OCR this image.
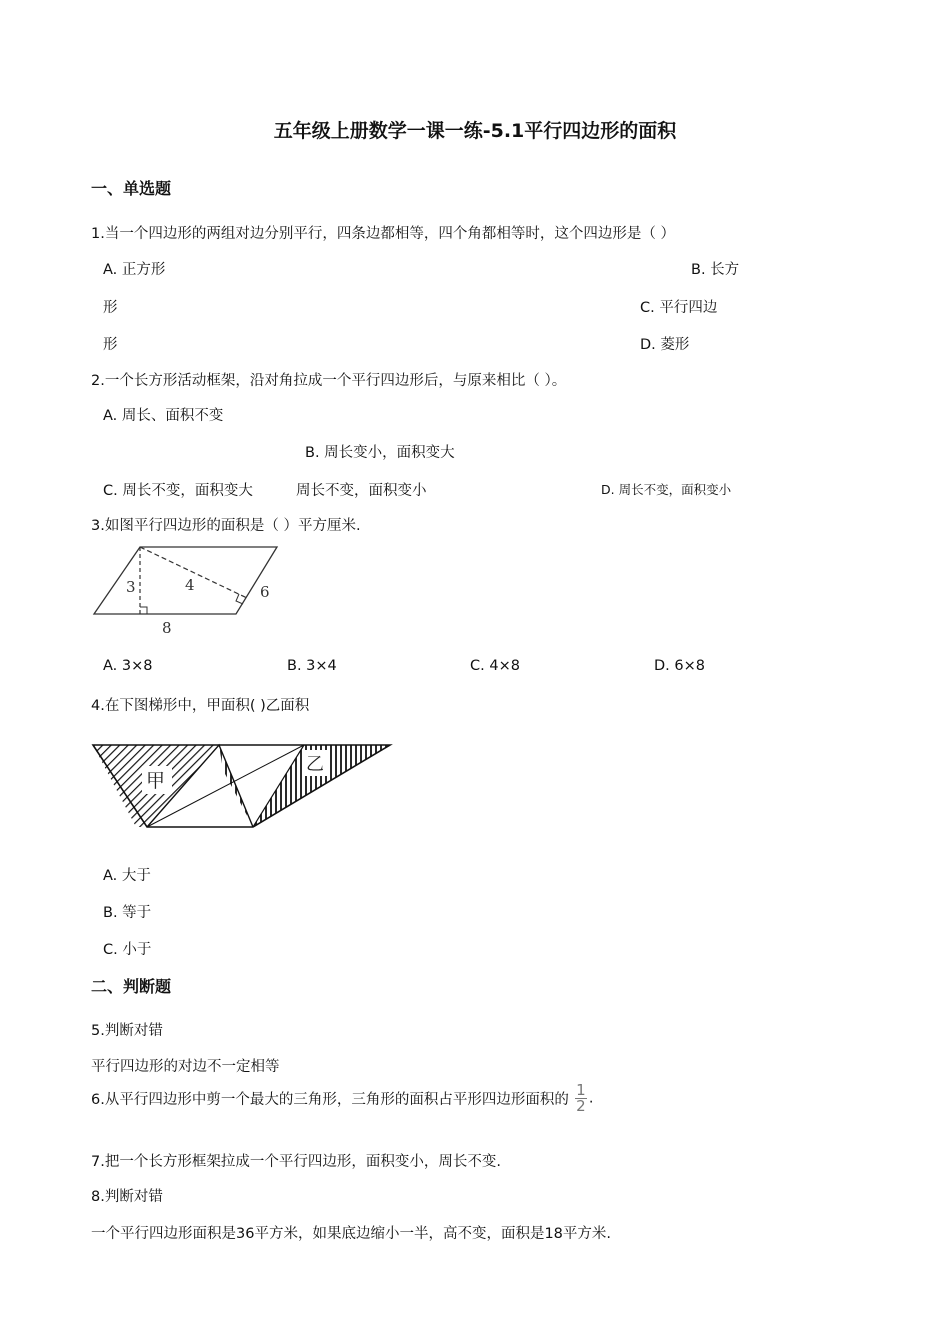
五年级上册数学一课一练-5.1平行四边形的面积
一、单选题
1.当一个四边形的两组对边分别平行，四条边都相等，四个角都相等时，这个四边形是（ ）
A. 正方形	B. 长方
形	C. 平行四边
形	D. 菱形
2.一个长方形活动框架，沿对角拉成一个平行四边形后，与原来相比（ ）。
A. 周长、面积不变
B. 周长变小，面积变大
C. 周长不变，面积变大	周长不变，面积变小	D. 周长不变，面积变小
3.如图平行四边形的面积是（ ）平方厘米.
3	4	6
8
A. 3×8	B. 3×4	C. 4×8	D. 6×8
4.在下图梯形中，甲面积( )乙面积
甲
乙
A. 大于
B. 等于
C. 小于
二、判断题
5.判断对错
平行四边形的对边不一定相等
6.从平行四边形中剪一个最大的三角形，三角形的面积占平形四边形面积的 $\frac{1}{2}$ .
7.把一个长方形框架拉成一个平行四边形，面积变小，周长不变.
8.判断对错
一个平行四边形面积是36平方米，如果底边缩小一半，高不变，面积是18平方米.
